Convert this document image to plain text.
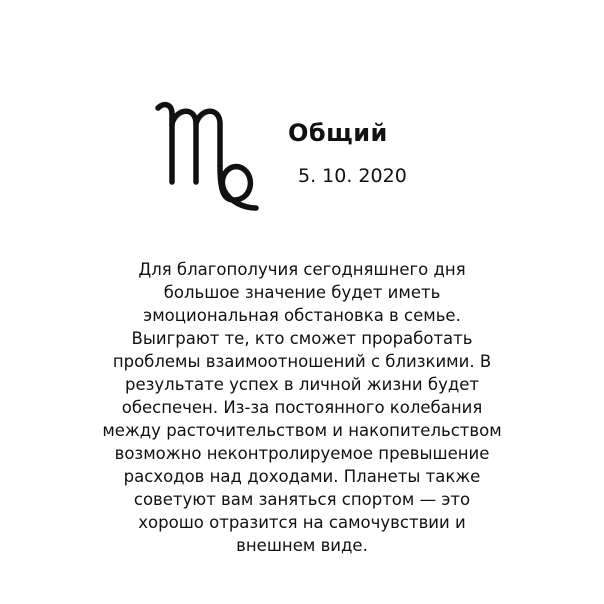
Общий
5. 10. 2020
Для благополучия сегодняшнего дня
большое значение будет иметь
эмоциональная обстановка в семье.
Выиграют те, кто сможет проработать
проблемы взаимоотношений с близкими. В
результате успех в личной жизни будет
обеспечен. Из-за постоянного колебания
между расточительством и накопительством
возможно неконтролируемое превышение
расходов над доходами. Планеты также
советуют вам заняться спортом — это
хорошо отразится на самочувствии и
внешнем виде.
